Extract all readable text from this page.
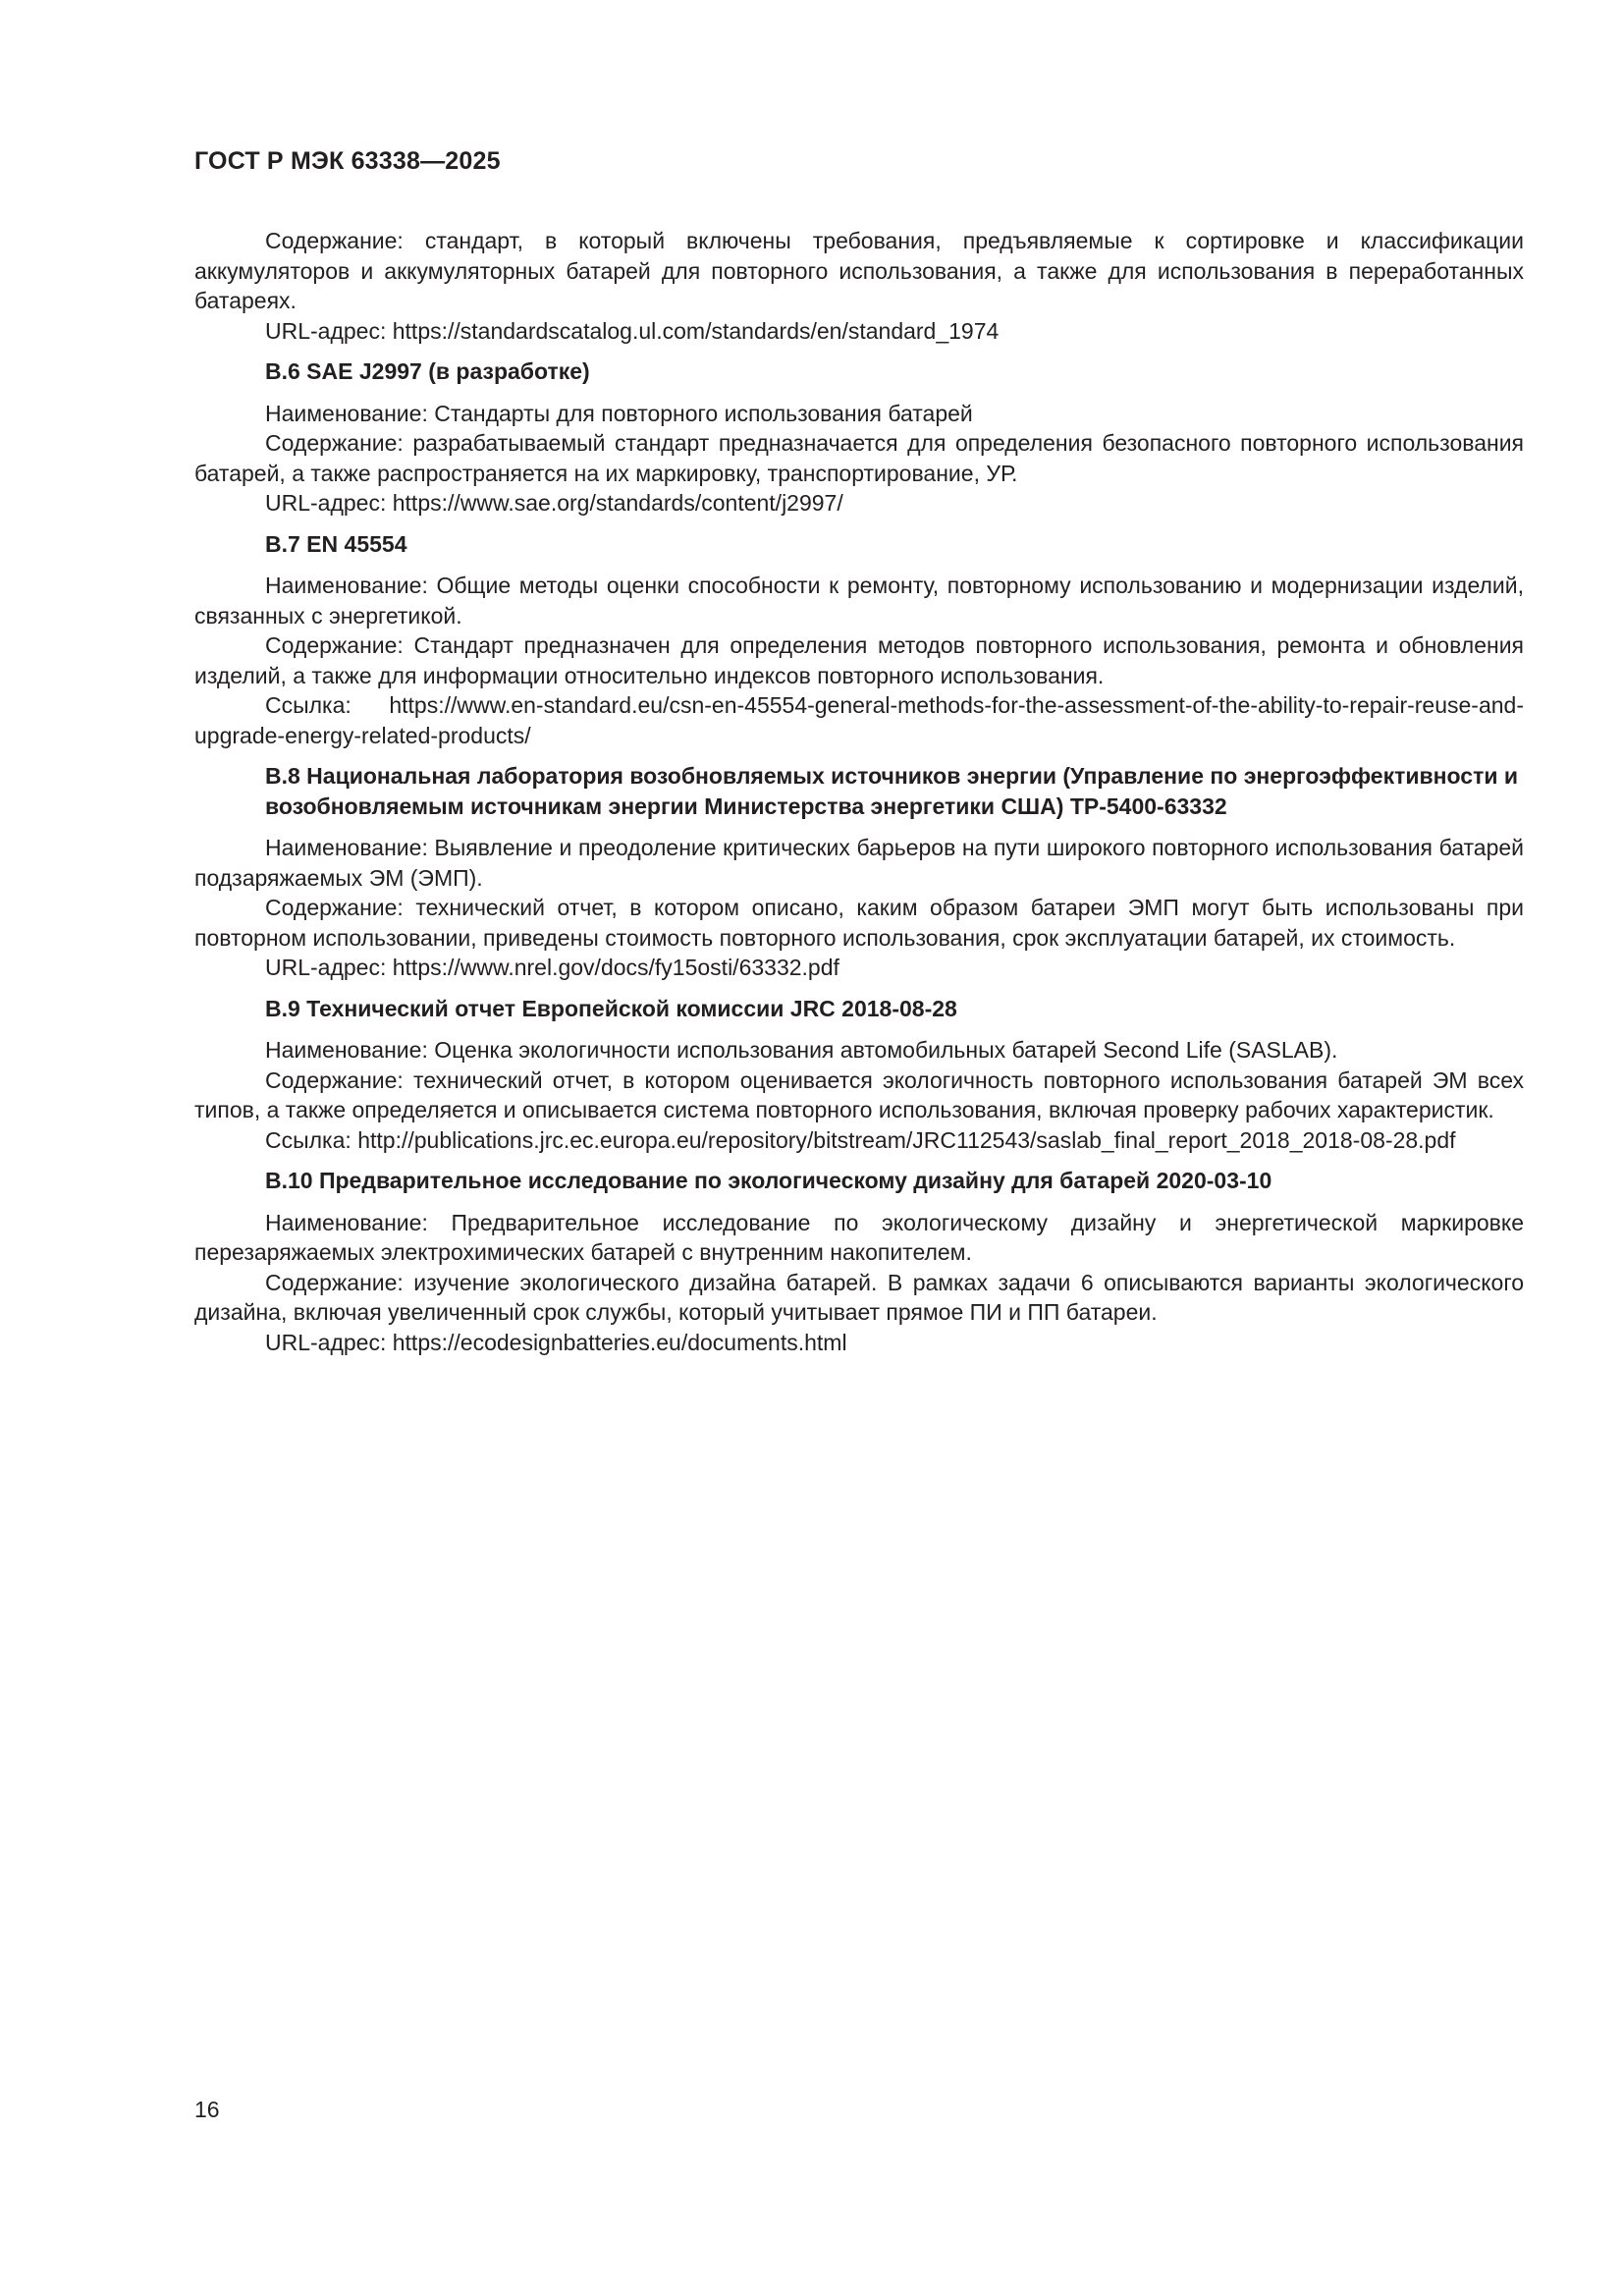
ГОСТ Р МЭК 63338—2025

Содержание: стандарт, в который включены требования, предъявляемые к сортировке и классификации аккумуляторов и аккумуляторных батарей для повторного использования, а также для использования в переработанных батареях.

URL-адрес: https://standardscatalog.ul.com/standards/en/standard_1974

В.6 SAE J2997 (в разработке)

Наименование: Стандарты для повторного использования батарей

Содержание: разрабатываемый стандарт предназначается для определения безопасного повторного использования батарей, а также распространяется на их маркировку, транспортирование, УР.

URL-адрес: https://www.sae.org/standards/content/j2997/

В.7 EN 45554

Наименование: Общие методы оценки способности к ремонту, повторному использованию и модернизации изделий, связанных с энергетикой.

Содержание: Стандарт предназначен для определения методов повторного использования, ремонта и обновления изделий, а также для информации относительно индексов повторного использования.

Ссылка: https://www.en-standard.eu/csn-en-45554-general-methods-for-the-assessment-of-the-ability-to-repair-reuse-and-upgrade-energy-related-products/

В.8 Национальная лаборатория возобновляемых источников энергии (Управление по энергоэффективности и возобновляемым источникам энергии Министерства энергетики США) TP-5400-63332

Наименование: Выявление и преодоление критических барьеров на пути широкого повторного использования батарей подзаряжаемых ЭМ (ЭМП).

Содержание: технический отчет, в котором описано, каким образом батареи ЭМП могут быть использованы при повторном использовании, приведены стоимость повторного использования, срок эксплуатации батарей, их стоимость.

URL-адрес: https://www.nrel.gov/docs/fy15osti/63332.pdf

В.9 Технический отчет Европейской комиссии JRC 2018-08-28

Наименование: Оценка экологичности использования автомобильных батарей Second Life (SASLAB).

Содержание: технический отчет, в котором оценивается экологичность повторного использования батарей ЭМ всех типов, а также определяется и описывается система повторного использования, включая проверку рабочих характеристик.

Ссылка: http://publications.jrc.ec.europa.eu/repository/bitstream/JRC112543/saslab_final_report_2018_2018-08-28.pdf

В.10 Предварительное исследование по экологическому дизайну для батарей 2020-03-10

Наименование: Предварительное исследование по экологическому дизайну и энергетической маркировке перезаряжаемых электрохимических батарей с внутренним накопителем.

Содержание: изучение экологического дизайна батарей. В рамках задачи 6 описываются варианты экологического дизайна, включая увеличенный срок службы, который учитывает прямое ПИ и ПП батареи.

URL-адрес: https://ecodesignbatteries.eu/documents.html

16
